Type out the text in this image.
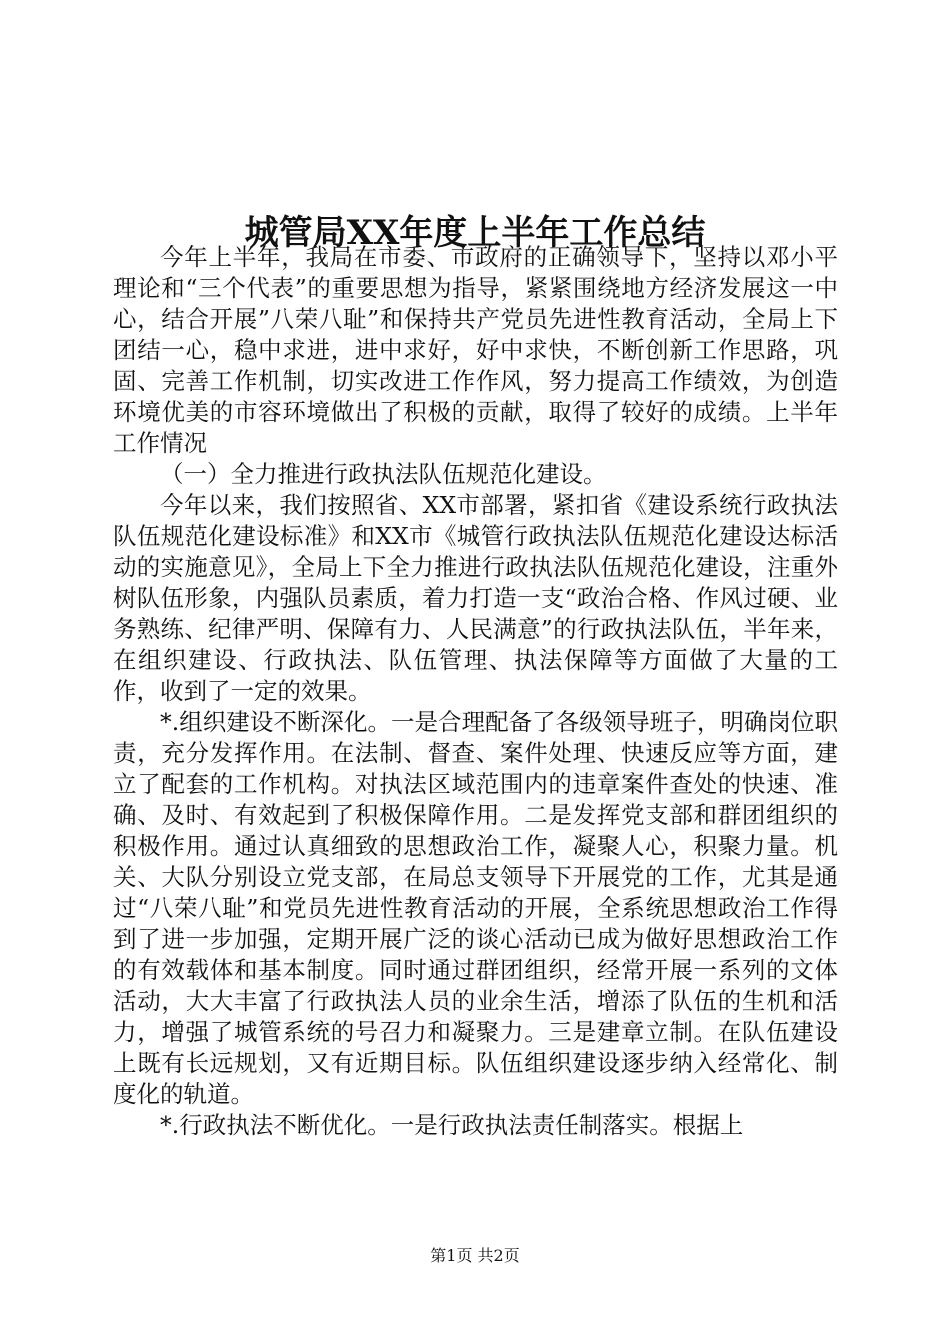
城管局XX年度上半年工作总结

今年上半年，我局在市委、市政府的正确领导下，坚持以邓小平理论和“三个代表”的重要思想为指导，紧紧围绕地方经济发展这一中心，结合开展”八荣八耻”和保持共产党员先进性教育活动，全局上下团结一心，稳中求进，进中求好，好中求快，不断创新工作思路，巩固、完善工作机制，切实改进工作作风，努力提高工作绩效，为创造环境优美的市容环境做出了积极的贡献，取得了较好的成绩。上半年工作情况

（一）全力推进行政执法队伍规范化建设。

今年以来，我们按照省、XX市部署，紧扣省《建设系统行政执法队伍规范化建设标准》和XX市《城管行政执法队伍规范化建设达标活动的实施意见》，全局上下全力推进行政执法队伍规范化建设，注重外树队伍形象，内强队员素质，着力打造一支“政治合格、作风过硬、业务熟练、纪律严明、保障有力、人民满意”的行政执法队伍，半年来，在组织建设、行政执法、队伍管理、执法保障等方面做了大量的工作，收到了一定的效果。

*.组织建设不断深化。一是合理配备了各级领导班子，明确岗位职责，充分发挥作用。在法制、督查、案件处理、快速反应等方面，建立了配套的工作机构。对执法区域范围内的违章案件查处的快速、准确、及时、有效起到了积极保障作用。二是发挥党支部和群团组织的积极作用。通过认真细致的思想政治工作，凝聚人心，积聚力量。机关、大队分别设立党支部，在局总支领导下开展党的工作，尤其是通过“八荣八耻”和党员先进性教育活动的开展，全系统思想政治工作得到了进一步加强，定期开展广泛的谈心活动已成为做好思想政治工作的有效载体和基本制度。同时通过群团组织，经常开展一系列的文体活动，大大丰富了行政执法人员的业余生活，增添了队伍的生机和活力，增强了城管系统的号召力和凝聚力。三是建章立制。在队伍建设上既有长远规划，又有近期目标。队伍组织建设逐步纳入经常化、制度化的轨道。

*.行政执法不断优化。一是行政执法责任制落实。根据上

第1页 共2页
